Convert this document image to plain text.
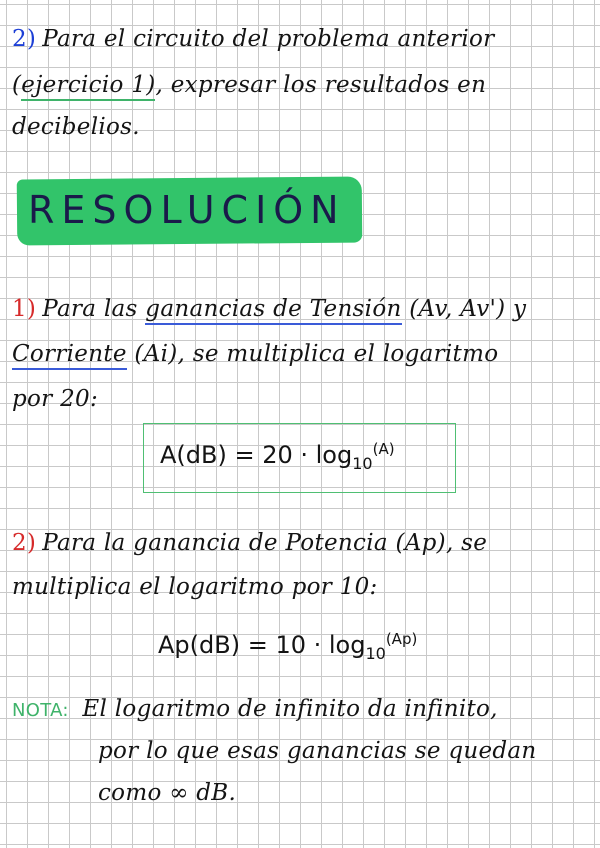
2) Para el circuito del problema anterior
(ejercicio 1), expresar los resultados en
decibelios.
RESOLUCIÓN
1) Para las ganancias de Tensión (Av, Av') y
Corriente (Ai), se multiplica el logaritmo
por 20:
$A(dB) = 20 \cdot \log_{10}^{(A)}$
2) Para la ganancia de Potencia (Ap), se
multiplica el logaritmo por 10:
$Ap(dB) = 10 \cdot \log_{10}^{(Ap)}$
NOTA: El logaritmo de infinito da infinito,
por lo que esas ganancias se quedan
como ∞ dB.
